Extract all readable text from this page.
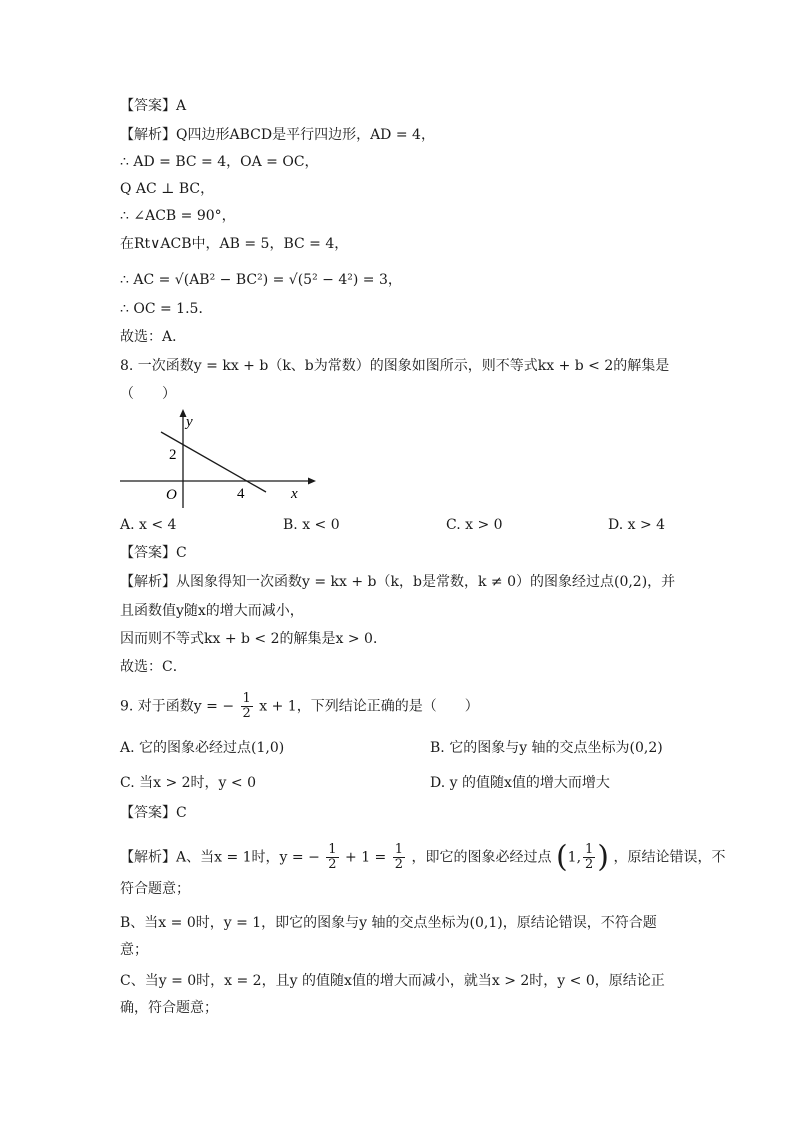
【答案】A
【解析】Q四边形ABCD是平行四边形，AD = 4，
∴ AD = BC = 4，OA = OC，
Q AC ⊥ BC，
∴ ∠ACB = 90°，
在Rt∨ACB中，AB = 5，BC = 4，
∴ AC = √(AB² − BC²) = √(5² − 4²) = 3，
∴ OC = 1.5．
故选：A．
8. 一次函数y = kx + b（k、b为常数）的图象如图所示，则不等式kx + b < 2的解集是
（　　）
y
x
O
2
4
A. x < 4	B. x < 0	C. x > 0	D. x > 4
【答案】C
【解析】从图象得知一次函数y = kx + b（k，b是常数，k ≠ 0）的图象经过点(0,2)，并
且函数值y随x的增大而减小，
因而则不等式kx + b < 2的解集是x > 0．
故选：C．
9. 对于函数y = − $\frac{1}{2}$ x + 1，下列结论正确的是（　　）
A. 它的图象必经过点(1,0)	B. 它的图象与y 轴的交点坐标为(0,2)
C. 当x > 2时，y < 0	D. y 的值随x值的增大而增大
【答案】C
【解析】A、当x = 1时，y = − $\frac{1}{2} + 1 = \frac{1}{2}$ ，即它的图象必经过点 (1, $\frac{1}{2}$ ) ，原结论错误，不
符合题意；
B、当x = 0时，y = 1，即它的图象与y 轴的交点坐标为(0,1)，原结论错误，不符合题
意；
C、当y = 0时，x = 2，且y 的值随x值的增大而减小，就当x > 2时，y < 0，原结论正
确，符合题意；
